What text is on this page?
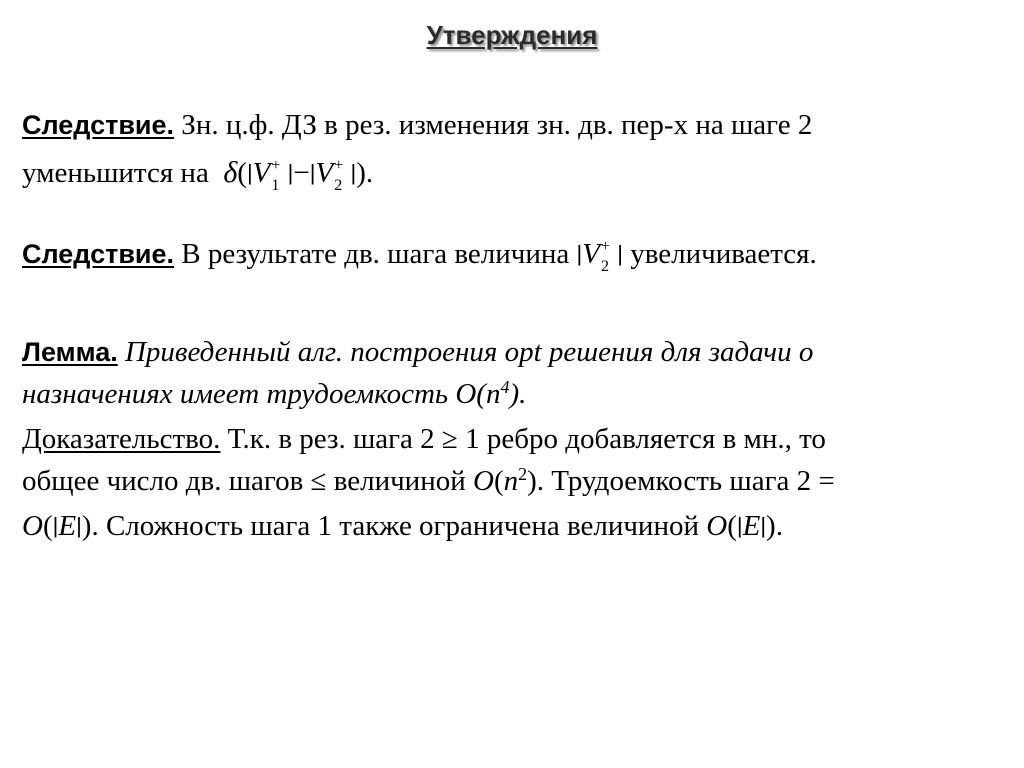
Утверждения
Следствие. Зн. ц.ф. ДЗ в рез. изменения зн. дв. пер-х на шаге 2
уменьшится на $\delta(|V_1^+$ $|-|V_2^+$ |).
Следствие. В результате дв. шага величина $|V_2^+$ | увеличивается.
Лемма. Приведенный алг. построения opt решения для задачи о
назначениях имеет трудоемкость $O(n^4)$.
Доказательство. Т.к. в рез. шага 2 ≥ 1 ребро добавляется в мн., то
общее число дв. шагов ≤ величиной $O(n^2)$. Трудоемкость шага 2 =
O(|E|). Сложность шага 1 также ограничена величиной O(|E|).
